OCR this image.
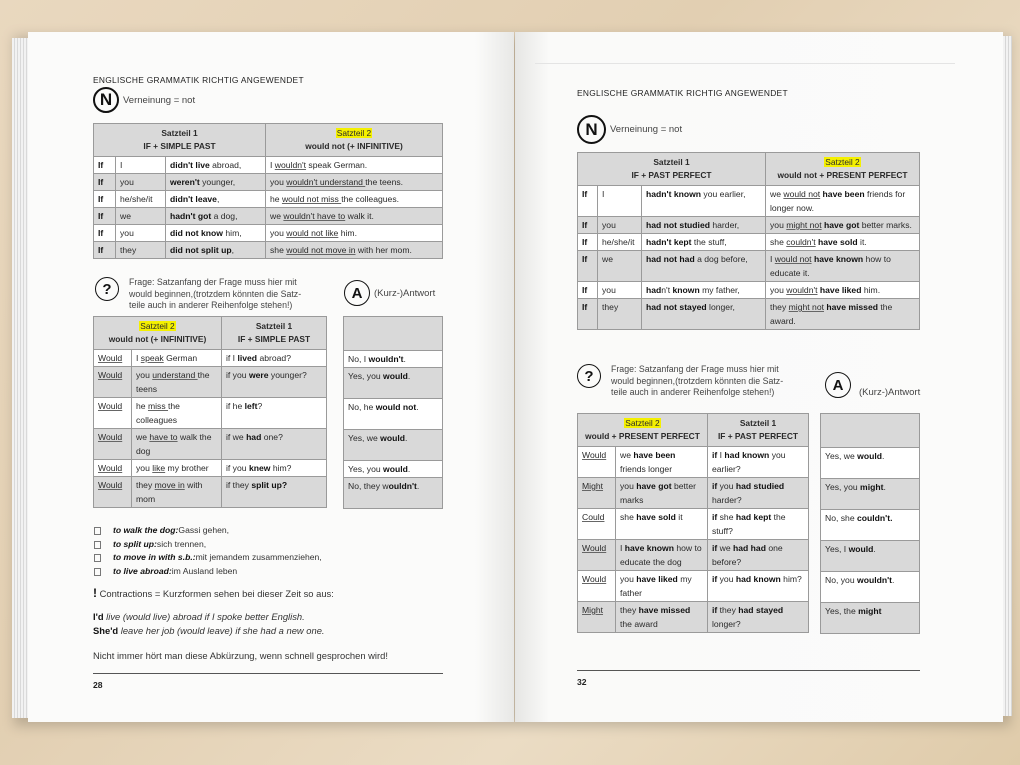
ENGLISCHE GRAMMATIK RICHTIG ANGEWENDET
N	Verneinung = not
Satzteil 1
IF + SIMPLE PAST			Satzteil 2
would not (+ INFINITIVE)
If	I	didn't live abroad,	I wouldn't speak German.
If	you	weren't younger,	you wouldn't understand the teens.
If	he/she/it	didn't leave,	he would not miss the colleagues.
If	we	hadn't got a dog,	we wouldn't have to walk it.
If	you	did not know him,	you would not like him.
If	they	did not split up,	she would not move in with her mom.
?	Frage: Satzanfang der Frage muss hier mit
would beginnen,(trotzdem könnten die Satz-
teile auch in anderer Reihenfolge stehen!)
A	(Kurz-)Antwort
Satzteil 2
would not (+ INFINITIVE)		Satzteil 1
IF + SIMPLE PAST
Would	I speak German	if I lived abroad?
Would	you understand the teens	if you were younger?
Would	he miss the colleagues	if he left?
Would	we have to walk the dog	if we had one?
Would	you like my brother	if you knew him?
Would	they move in with mom	if they split up?

No, I wouldn't.
Yes, you would.
No, he would not.
Yes, we would.
Yes, you would.
No, they wouldn't.
to walk the dog: Gassi gehen,
to split up: sich trennen,
to move in with s.b.: mit jemandem zusammenziehen,
to live abroad: im Ausland leben
! Contractions = Kurzformen sehen bei dieser Zeit so aus:
I'd live (would live) abroad if I spoke better English.
She'd leave her job (would leave) if she had a new one.
Nicht immer hört man diese Abkürzung, wenn schnell gesprochen wird!
28
ENGLISCHE GRAMMATIK RICHTIG ANGEWENDET
N	Verneinung = not
Satzteil 1
IF + PAST PERFECT			Satzteil 2
would not + PRESENT PERFECT
If	I	hadn't known you earlier,	we would not have been friends for longer now.
If	you	had not studied harder,	you might not have got better marks.
If	he/she/it	hadn't kept the stuff,	she couldn't have sold it.
If	we	had not had a dog before,	I would not have known how to educate it.
If	you	hadn't known my father,	you wouldn't have liked him.
If	they	had not stayed longer,	they might not have missed the award.
?	Frage: Satzanfang der Frage muss hier mit
would beginnen,(trotzdem könnten die Satz-
teile auch in anderer Reihenfolge stehen!)	A	(Kurz-)Antwort
Satzteil 2
would + PRESENT PERFECT		Satzteil 1
IF + PAST PERFECT
Would	we have been friends longer	if I had known you earlier?
Might	you have got better marks	if you had studied harder?
Could	she have sold it	if she had kept the stuff?
Would	I have known how to educate the dog	if we had had one before?
Would	you have liked my father	if you had known him?
Might	they have missed the award	if they had stayed longer?

Yes, we would.
Yes, you might.
No, she couldn't.
Yes, I would.
No, you wouldn't.
Yes, the might
32
